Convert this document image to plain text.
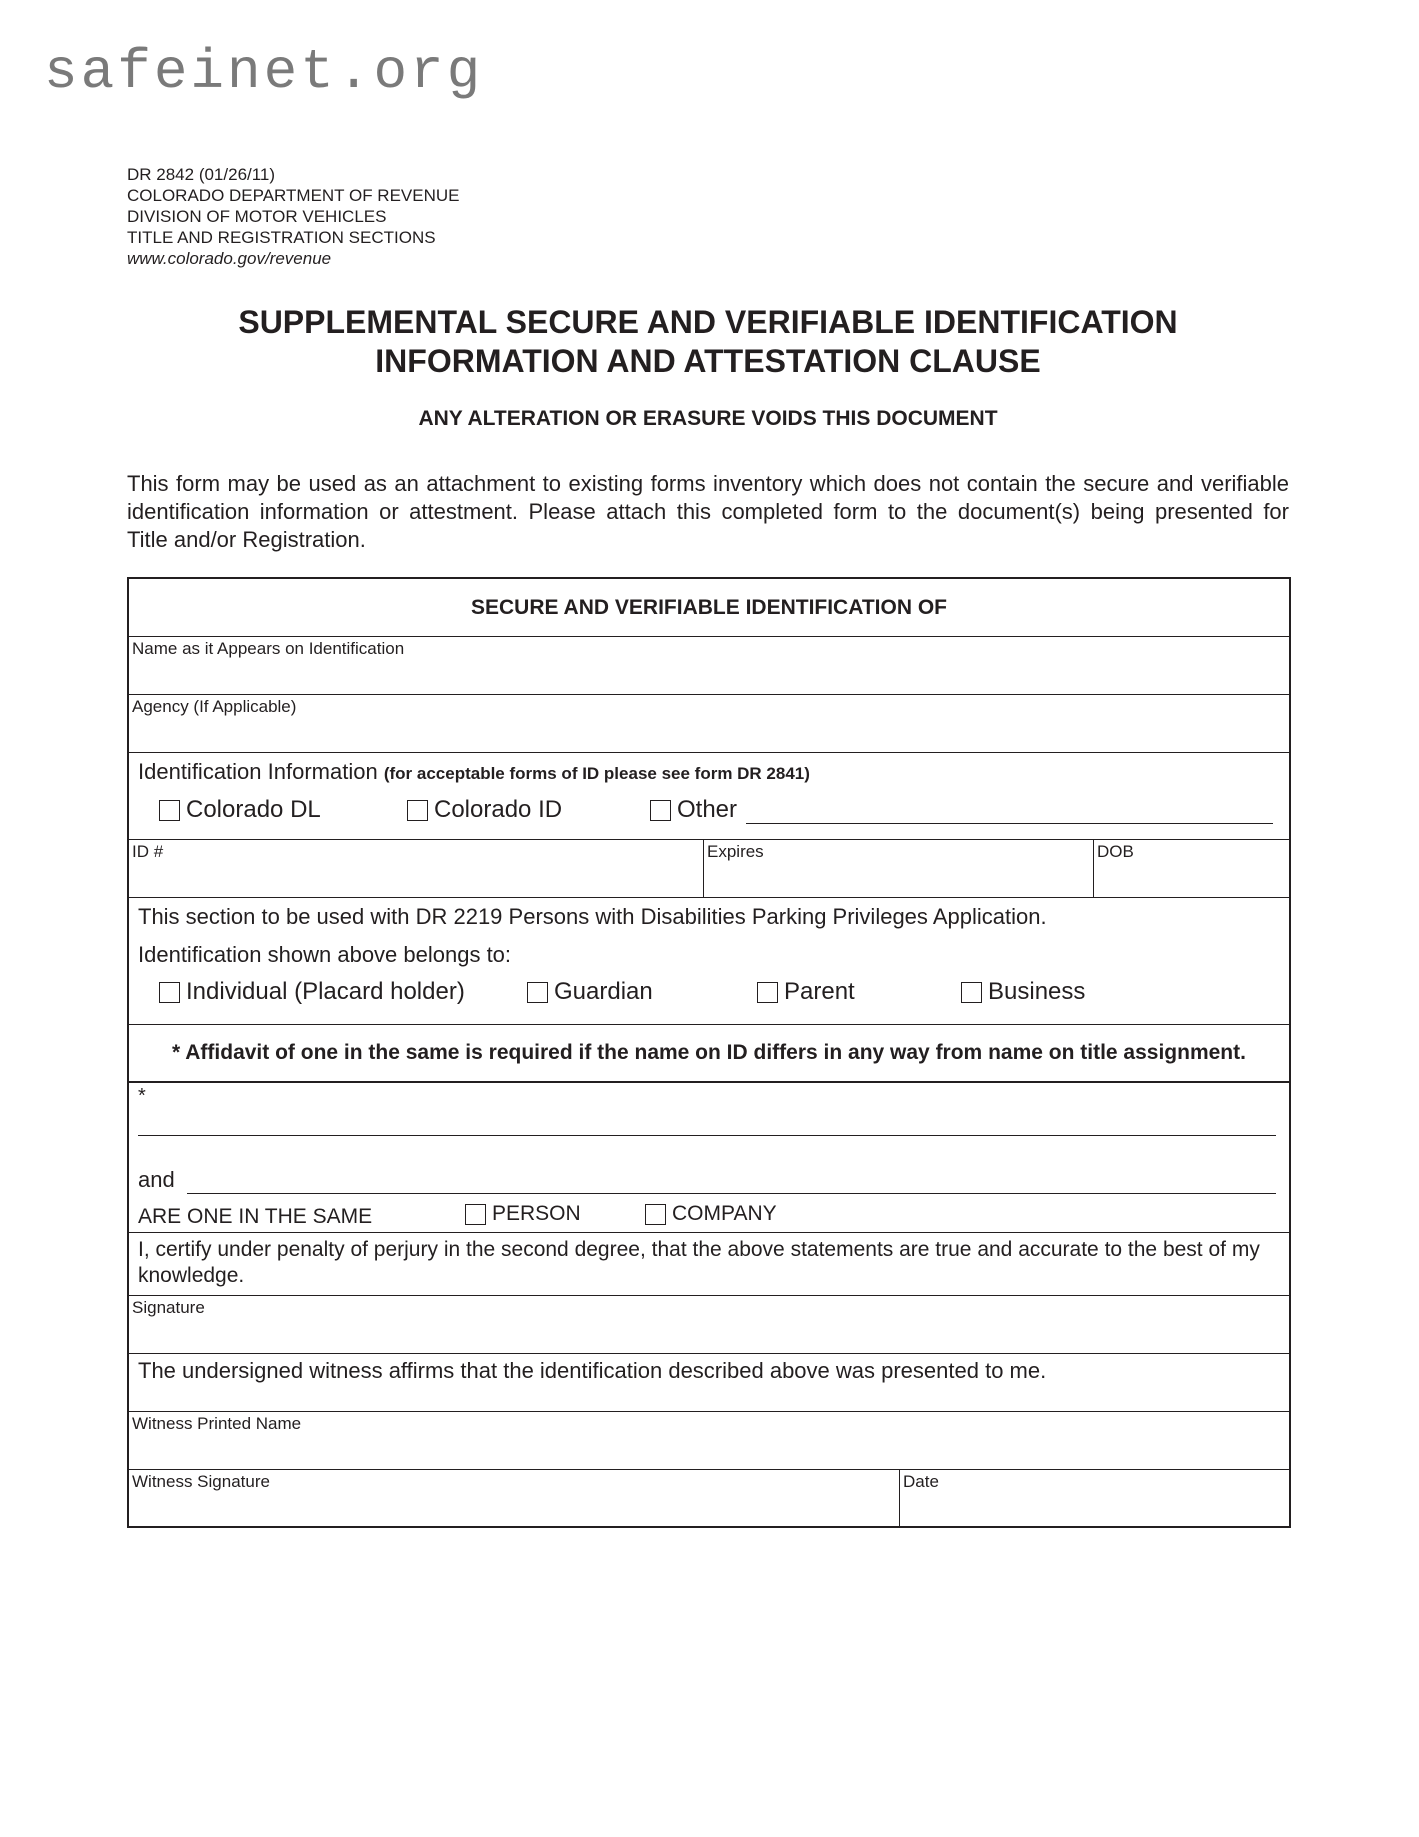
safeinet.org
DR 2842 (01/26/11)
COLORADO DEPARTMENT OF REVENUE
DIVISION OF MOTOR VEHICLES
TITLE AND REGISTRATION SECTIONS
www.colorado.gov/revenue
SUPPLEMENTAL SECURE AND VERIFIABLE IDENTIFICATION
INFORMATION AND ATTESTATION CLAUSE
ANY ALTERATION OR ERASURE VOIDS THIS DOCUMENT
This form may be used as an attachment to existing forms inventory which does not contain the secure and verifiable
identification information or attestment. Please attach this completed form to the document(s) being presented for
Title and/or Registration.
SECURE AND VERIFIABLE IDENTIFICATION OF
Name as it Appears on Identification
Agency (If Applicable)
Identification Information (for acceptable forms of ID please see form DR 2841)
Colorado DL	Colorado ID	Other
ID #	Expires	DOB
This section to be used with DR 2219 Persons with Disabilities Parking Privileges Application.
Identification shown above belongs to:
Individual (Placard holder)	Guardian	Parent	Business
* Affidavit of one in the same is required if the name on ID differs in any way from name on title assignment.
*
and
ARE ONE IN THE SAME	PERSON	COMPANY
I, certify under penalty of perjury in the second degree, that the above statements are true and accurate to the best of my knowledge.
Signature
The undersigned witness affirms that the identification described above was presented to me.
Witness Printed Name
Witness Signature	Date
